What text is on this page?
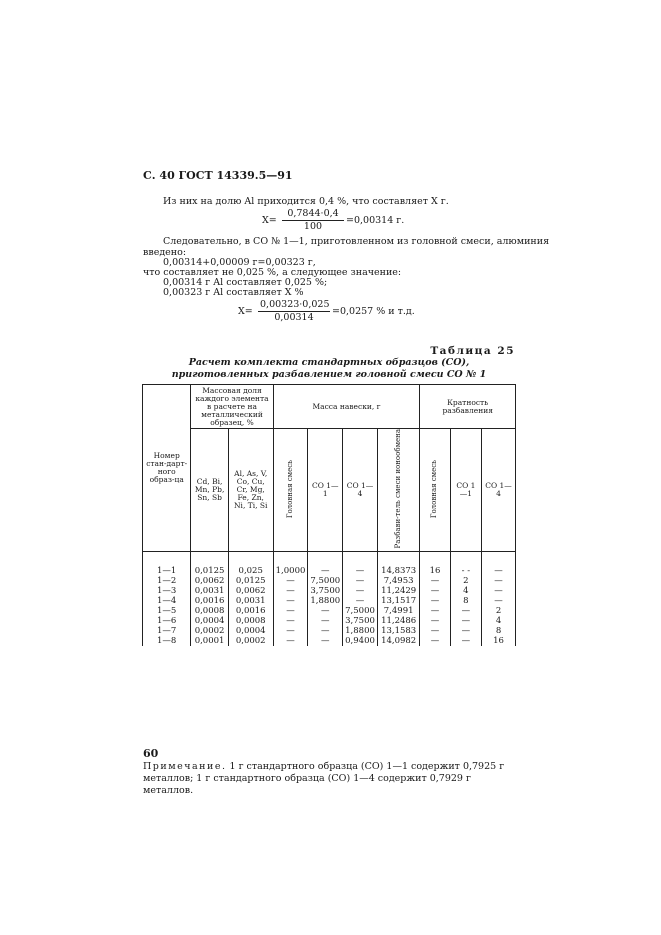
С. 40 ГОСТ 14339.5—91
Из них на долю Al приходится 0,4 %, что составляет X г.
$X= \frac{0,7844\cdot 0,4}{100} =0,00314$ г.
Следовательно, в СО № 1—1, приготовленном из головной смеси, алюминия
введено:
0,00314+0,00009 г=0,00323 г,
что составляет не 0,025 %, а следующее значение:
0,00314 г Al составляет 0,025 %;
0,00323 г Al составляет X %
$X= \frac{0,00323\cdot 0,025}{0,00314} =0,0257$ % и т.д.
Таблица 25
Расчет комплекта стандартных образцов (СО), приготовленных разбавлением головной смеси СО № 1
Номер стан-дарт-ного образ-ца	Массовая доля каждого элемента в расчете на металлический образец, %		Масса навески, г				Кратность разбавления		
	Cd, Bi, Mn, Pb, Sn, Sb	Al, As, V, Co, Cu, Cr, Mg, Fe, Zn, Ni, Ti, Si	Головная смесь	СО 1—1	СО 1—4	Разбави-тель смеси ионообмена	Головная смесь	СО 1—1	СО 1—4
1—1	0,0125	0,025	1,0000	—	—	14,8373	16	- -	—
1—2	0,0062	0,0125	—	7,5000	—	7,4953	—	2	—
1—3	0,0031	0,0062	—	3,7500	—	11,2429	—	4	—
1—4	0,0016	0,0031	—	1,8800	—	13,1517	—	8	—
1—5	0,0008	0,0016	—	—	7,5000	7,4991	—	—	2
1—6	0,0004	0,0008	—	—	3,7500	11,2486	—	—	4
1—7	0,0002	0,0004	—	—	1,8800	13,1583	—	—	8
1—8	0,0001	0,0002	—	—	0,9400	14,0982	—	—	16
Примечание. 1 г стандартного образца (СО) 1—1 содержит 0,7925 г металлов; 1 г стандартного образца (СО) 1—4 содержит 0,7929 г металлов.
60
